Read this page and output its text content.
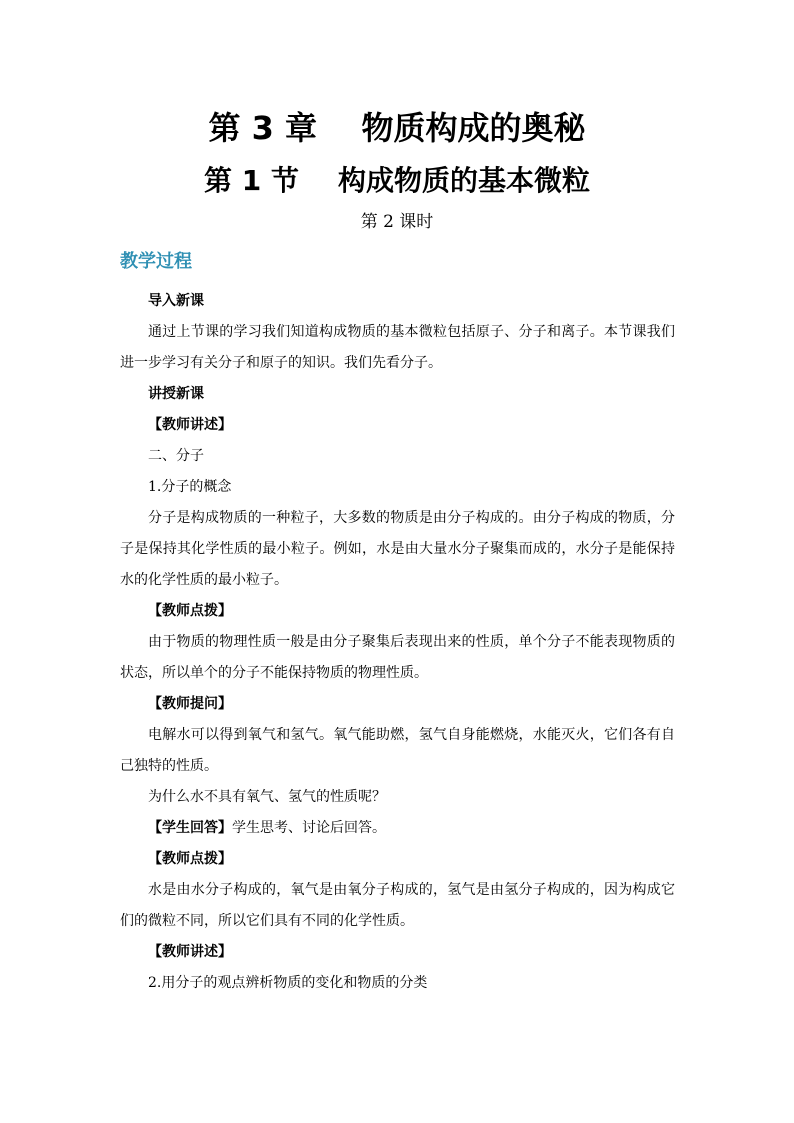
第 3 章    物质构成的奥秘
第 1 节    构成物质的基本微粒

第 2 课时

教学过程

导入新课

通过上节课的学习我们知道构成物质的基本微粒包括原子、分子和离子。本节课我们进一步学习有关分子和原子的知识。我们先看分子。

讲授新课

【教师讲述】

二、分子

1.分子的概念

分子是构成物质的一种粒子，大多数的物质是由分子构成的。由分子构成的物质，分子是保持其化学性质的最小粒子。例如，水是由大量水分子聚集而成的，水分子是能保持水的化学性质的最小粒子。

【教师点拨】

由于物质的物理性质一般是由分子聚集后表现出来的性质，单个分子不能表现物质的状态，所以单个的分子不能保持物质的物理性质。

【教师提问】

电解水可以得到氧气和氢气。氧气能助燃，氢气自身能燃烧，水能灭火，它们各有自己独特的性质。

为什么水不具有氧气、氢气的性质呢？

【学生回答】学生思考、讨论后回答。

【教师点拨】

水是由水分子构成的，氧气是由氧分子构成的，氢气是由氢分子构成的，因为构成它们的微粒不同，所以它们具有不同的化学性质。

【教师讲述】

2.用分子的观点辨析物质的变化和物质的分类
